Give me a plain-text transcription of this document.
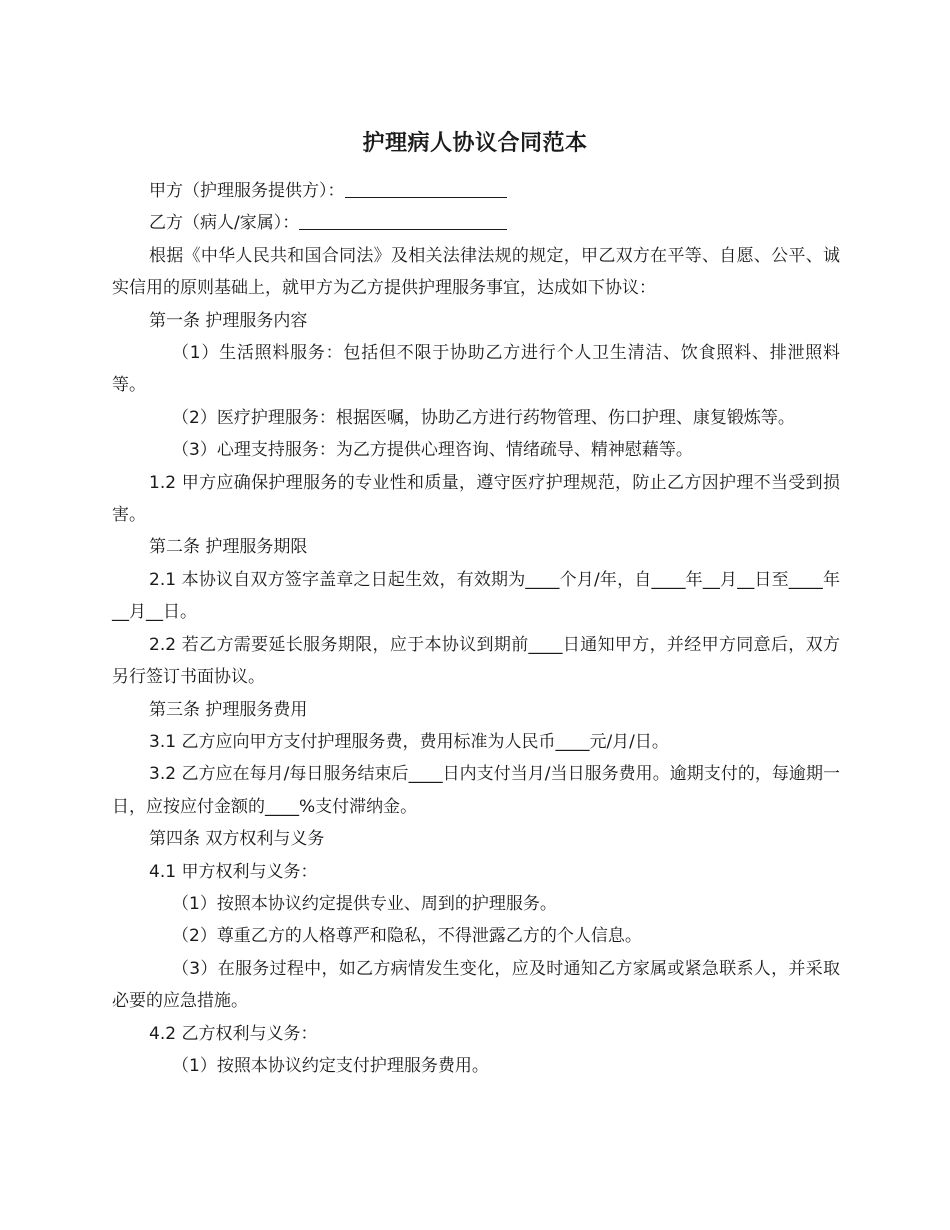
护理病人协议合同范本

甲方（护理服务提供方）：

乙方（病人/家属）：

根据《中华人民共和国合同法》及相关法律法规的规定，甲乙双方在平等、自愿、公平、诚实信用的原则基础上，就甲方为乙方提供护理服务事宜，达成如下协议：

第一条 护理服务内容

（1）生活照料服务：包括但不限于协助乙方进行个人卫生清洁、饮食照料、排泄照料等。

（2）医疗护理服务：根据医嘱，协助乙方进行药物管理、伤口护理、康复锻炼等。

（3）心理支持服务：为乙方提供心理咨询、情绪疏导、精神慰藉等。

1.2 甲方应确保护理服务的专业性和质量，遵守医疗护理规范，防止乙方因护理不当受到损害。

第二条 护理服务期限

2.1 本协议自双方签字盖章之日起生效，有效期为____个月/年，自____年__月__日至____年__月__日。

2.2 若乙方需要延长服务期限，应于本协议到期前____日通知甲方，并经甲方同意后，双方另行签订书面协议。

第三条 护理服务费用

3.1 乙方应向甲方支付护理服务费，费用标准为人民币____元/月/日。

3.2 乙方应在每月/每日服务结束后____日内支付当月/当日服务费用。逾期支付的，每逾期一日，应按应付金额的____%支付滞纳金。

第四条 双方权利与义务

4.1 甲方权利与义务：

（1）按照本协议约定提供专业、周到的护理服务。

（2）尊重乙方的人格尊严和隐私，不得泄露乙方的个人信息。

（3）在服务过程中，如乙方病情发生变化，应及时通知乙方家属或紧急联系人，并采取必要的应急措施。

4.2 乙方权利与义务：

（1）按照本协议约定支付护理服务费用。
